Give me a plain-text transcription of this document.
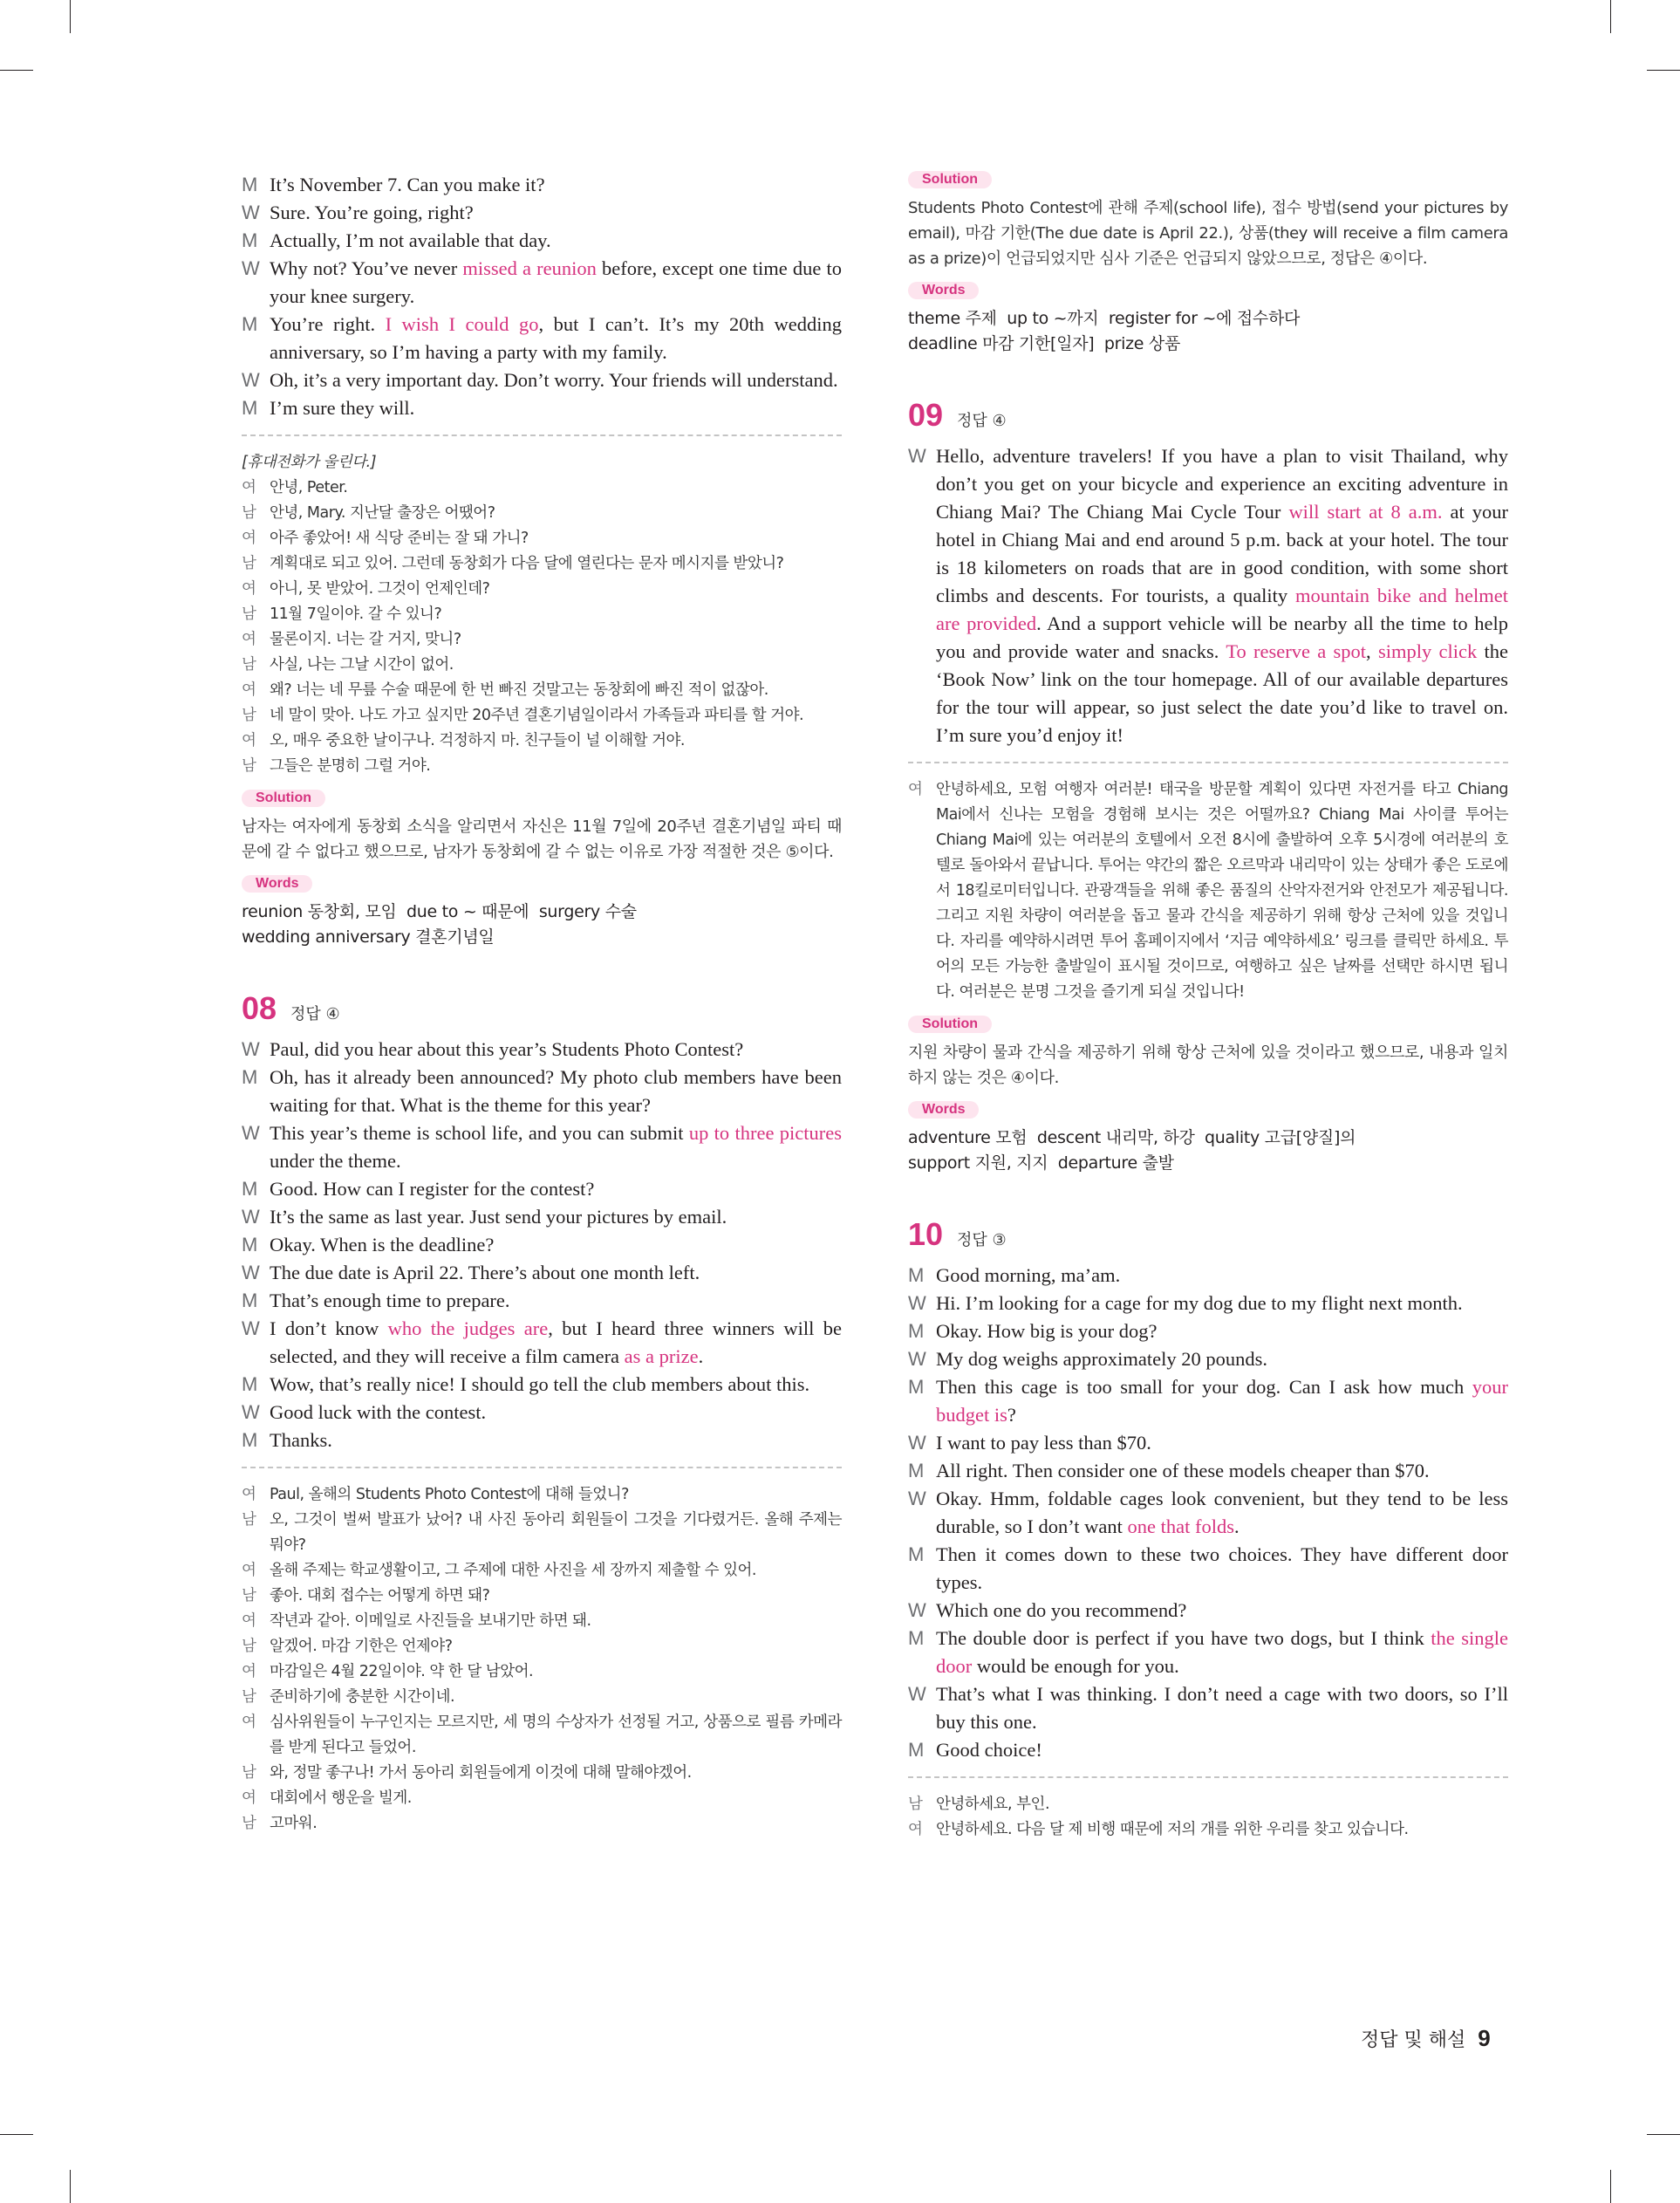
M It’s November 7. Can you make it?
W Sure. You’re going, right?
M Actually, I’m not available that day.
W Why not? You’ve never missed a reunion before, except one time due to your knee surgery.
M You’re right. I wish I could go, but I can’t. It’s my 20th wedding anniversary, so I’m having a party with my family.
W Oh, it’s a very important day. Don’t worry. Your friends will understand.
M I’m sure they will.
[휴대전화가 울린다.]
여 안녕, Peter.
남 안녕, Mary. 지난달 출장은 어땠어?
여 아주 좋았어! 새 식당 준비는 잘 돼 가니?
남 계획대로 되고 있어. 그런데 동창회가 다음 달에 열린다는 문자 메시지를 받았니?
여 아니, 못 받았어. 그것이 언제인데?
남 11월 7일이야. 갈 수 있니?
여 물론이지. 너는 갈 거지, 맞니?
남 사실, 나는 그날 시간이 없어.
여 왜? 너는 네 무릎 수술 때문에 한 번 빠진 것말고는 동창회에 빠진 적이 없잖아.
남 네 말이 맞아. 나도 가고 싶지만 20주년 결혼기념일이라서 가족들과 파티를 할 거야.
여 오, 매우 중요한 날이구나. 걱정하지 마. 친구들이 널 이해할 거야.
남 그들은 분명히 그럴 거야.
Solution
남자는 여자에게 동창회 소식을 알리면서 자신은 11월 7일에 20주년 결혼기념일 파티 때문에 갈 수 없다고 했으므로, 남자가 동창회에 갈 수 없는 이유로 가장 적절한 것은 ⑤이다.
Words
reunion 동창회, 모임  due to ~ 때문에  surgery 수술
wedding anniversary 결혼기념일
08 정답 ④
W Paul, did you hear about this year’s Students Photo Contest?
M Oh, has it already been announced? My photo club members have been waiting for that. What is the theme for this year?
W This year’s theme is school life, and you can submit up to three pictures under the theme.
M Good. How can I register for the contest?
W It’s the same as last year. Just send your pictures by email.
M Okay. When is the deadline?
W The due date is April 22. There’s about one month left.
M That’s enough time to prepare.
W I don’t know who the judges are, but I heard three winners will be selected, and they will receive a film camera as a prize.
M Wow, that’s really nice! I should go tell the club members about this.
W Good luck with the contest.
M Thanks.
여 Paul, 올해의 Students Photo Contest에 대해 들었니?
남 오, 그것이 벌써 발표가 났어? 내 사진 동아리 회원들이 그것을 기다렸거든. 올해 주제는 뭐야?
여 올해 주제는 학교생활이고, 그 주제에 대한 사진을 세 장까지 제출할 수 있어.
남 좋아. 대회 접수는 어떻게 하면 돼?
여 작년과 같아. 이메일로 사진들을 보내기만 하면 돼.
남 알겠어. 마감 기한은 언제야?
여 마감일은 4월 22일이야. 약 한 달 남았어.
남 준비하기에 충분한 시간이네.
여 심사위원들이 누구인지는 모르지만, 세 명의 수상자가 선정될 거고, 상품으로 필름 카메라를 받게 된다고 들었어.
남 와, 정말 좋구나! 가서 동아리 회원들에게 이것에 대해 말해야겠어.
여 대회에서 행운을 빌게.
남 고마워.
Solution
Students Photo Contest에 관해 주제(school life), 접수 방법(send your pictures by email), 마감 기한(The due date is April 22.), 상품(they will receive a film camera as a prize)이 언급되었지만 심사 기준은 언급되지 않았으므로, 정답은 ④이다.
Words
theme 주제  up to ~까지  register for ~에 접수하다
deadline 마감 기한[일자]  prize 상품
09 정답 ④
W Hello, adventure travelers! If you have a plan to visit Thailand, why don’t you get on your bicycle and experience an exciting adventure in Chiang Mai? The Chiang Mai Cycle Tour will start at 8 a.m. at your hotel in Chiang Mai and end around 5 p.m. back at your hotel. The tour is 18 kilometers on roads that are in good condition, with some short climbs and descents. For tourists, a quality mountain bike and helmet are provided. And a support vehicle will be nearby all the time to help you and provide water and snacks. To reserve a spot, simply click the ‘Book Now’ link on the tour homepage. All of our available departures for the tour will appear, so just select the date you’d like to travel on. I’m sure you’d enjoy it!
여 안녕하세요, 모험 여행자 여러분! 태국을 방문할 계획이 있다면 자전거를 타고 Chiang Mai에서 신나는 모험을 경험해 보시는 것은 어떨까요? Chiang Mai 사이클 투어는 Chiang Mai에 있는 여러분의 호텔에서 오전 8시에 출발하여 오후 5시경에 여러분의 호텔로 돌아와서 끝납니다. 투어는 약간의 짧은 오르막과 내리막이 있는 상태가 좋은 도로에서 18킬로미터입니다. 관광객들을 위해 좋은 품질의 산악자전거와 안전모가 제공됩니다. 그리고 지원 차량이 여러분을 돕고 물과 간식을 제공하기 위해 항상 근처에 있을 것입니다. 자리를 예약하시려면 투어 홈페이지에서 ‘지금 예약하세요’ 링크를 클릭만 하세요. 투어의 모든 가능한 출발일이 표시될 것이므로, 여행하고 싶은 날짜를 선택만 하시면 됩니다. 여러분은 분명 그것을 즐기게 되실 것입니다!
Solution
지원 차량이 물과 간식을 제공하기 위해 항상 근처에 있을 것이라고 했으므로, 내용과 일치하지 않는 것은 ④이다.
Words
adventure 모험  descent 내리막, 하강  quality 고급[양질]의
support 지원, 지지  departure 출발
10 정답 ③
M Good morning, ma’am.
W Hi. I’m looking for a cage for my dog due to my flight next month.
M Okay. How big is your dog?
W My dog weighs approximately 20 pounds.
M Then this cage is too small for your dog. Can I ask how much your budget is?
W I want to pay less than $70.
M All right. Then consider one of these models cheaper than $70.
W Okay. Hmm, foldable cages look convenient, but they tend to be less durable, so I don’t want one that folds.
M Then it comes down to these two choices. They have different door types.
W Which one do you recommend?
M The double door is perfect if you have two dogs, but I think the single door would be enough for you.
W That’s what I was thinking. I don’t need a cage with two doors, so I’ll buy this one.
M Good choice!
남 안녕하세요, 부인.
여 안녕하세요. 다음 달 제 비행 때문에 저의 개를 위한 우리를 찾고 있습니다.
정답 및 해설 9
